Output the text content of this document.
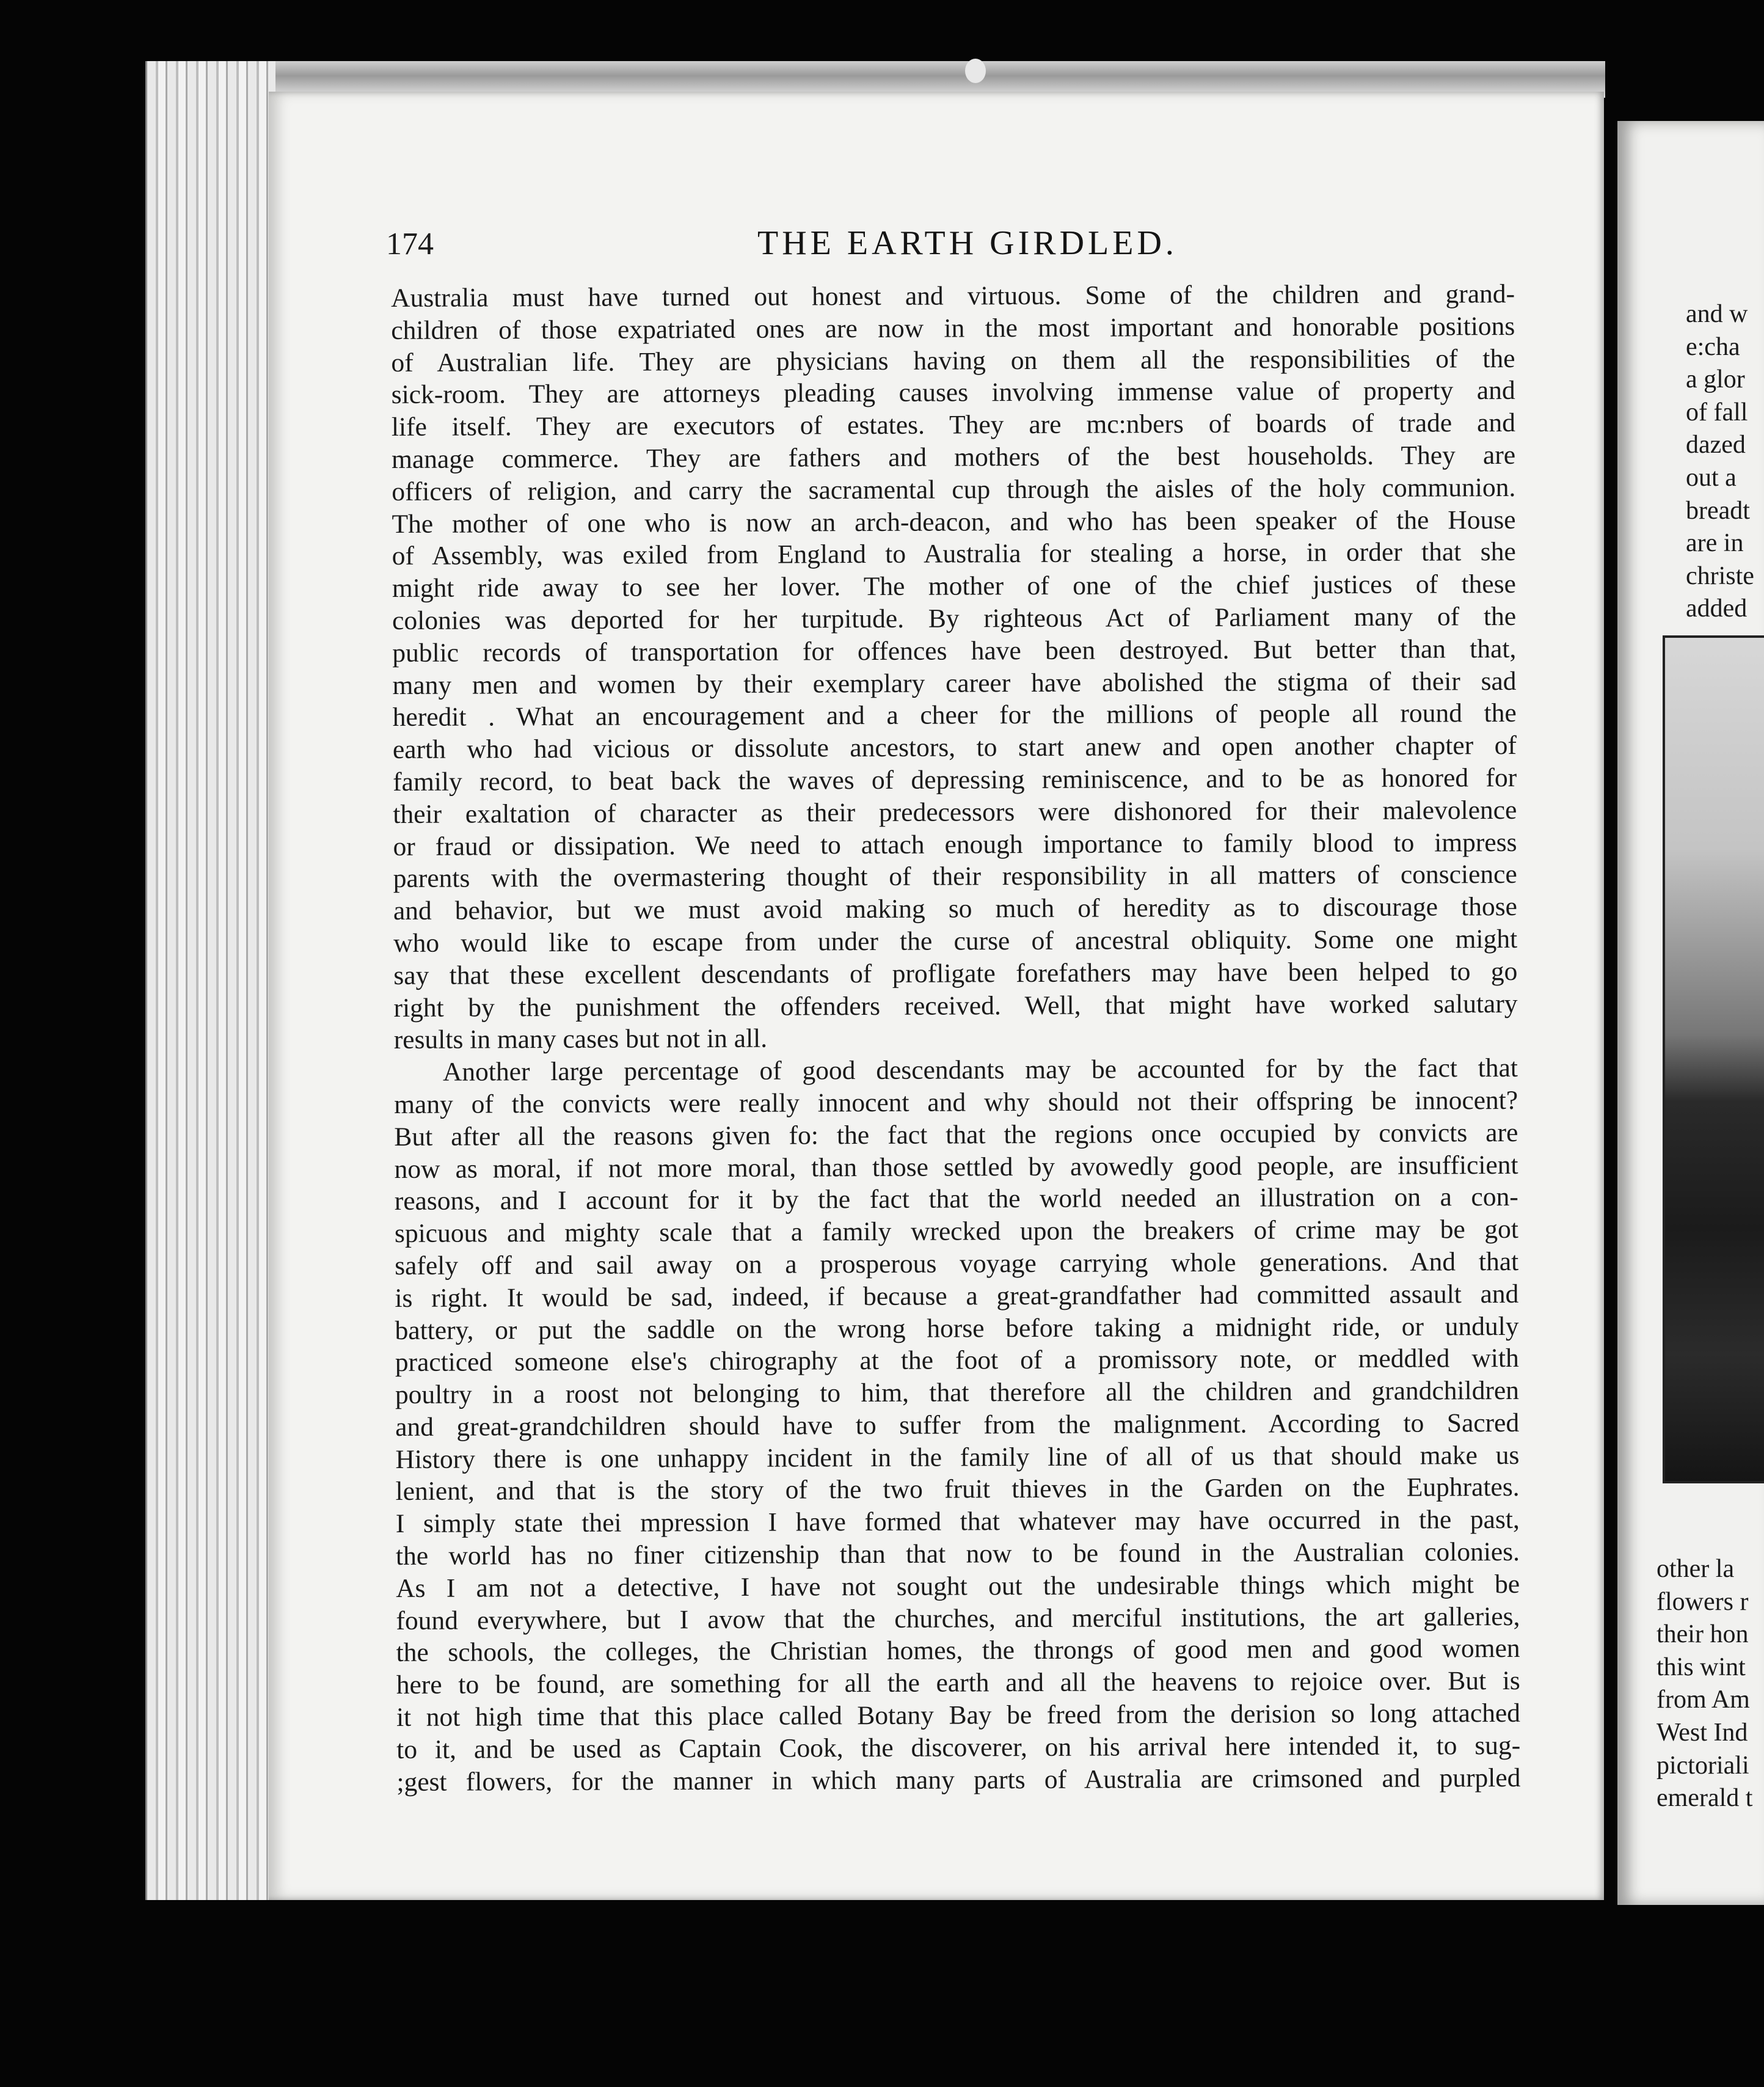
174	THE EARTH GIRDLED.
Australia must have turned out honest and virtuous. Some of the children and grand-
children of those expatriated ones are now in the most important and honorable positions
of Australian life. They are physicians having on them all the responsibilities of the
sick-room. They are attorneys pleading causes involving immense value of property and
life itself. They are executors of estates. They are mc:nbers of boards of trade and
manage commerce. They are fathers and mothers of the best households. They are
officers of religion, and carry the sacramental cup through the aisles of the holy communion.
The mother of one who is now an arch-deacon, and who has been speaker of the House
of Assembly, was exiled from England to Australia for stealing a horse, in order that she
might ride away to see her lover. The mother of one of the chief justices of these
colonies was deported for her turpitude. By righteous Act of Parliament many of the
public records of transportation for offences have been destroyed. But better than that,
many men and women by their exemplary career have abolished the stigma of their sad
heredit . What an encouragement and a cheer for the millions of people all round the
earth who had vicious or dissolute ancestors, to start anew and open another chapter of
family record, to beat back the waves of depressing reminiscence, and to be as honored for
their exaltation of character as their predecessors were dishonored for their malevolence
or fraud or dissipation. We need to attach enough importance to family blood to impress
parents with the overmastering thought of their responsibility in all matters of conscience
and behavior, but we must avoid making so much of heredity as to discourage those
who would like to escape from under the curse of ancestral obliquity. Some one might
say that these excellent descendants of profligate forefathers may have been helped to go
right by the punishment the offenders received. Well, that might have worked salutary
results in many cases but not in all.
Another large percentage of good descendants may be accounted for by the fact that
many of the convicts were really innocent and why should not their offspring be innocent?
But after all the reasons given fo: the fact that the regions once occupied by convicts are
now as moral, if not more moral, than those settled by avowedly good people, are insufficient
reasons, and I account for it by the fact that the world needed an illustration on a con-
spicuous and mighty scale that a family wrecked upon the breakers of crime may be got
safely off and sail away on a prosperous voyage carrying whole generations. And that
is right. It would be sad, indeed, if because a great-grandfather had committed assault and
battery, or put the saddle on the wrong horse before taking a midnight ride, or unduly
practiced someone else's chirography at the foot of a promissory note, or meddled with
poultry in a roost not belonging to him, that therefore all the children and grandchildren
and great-grandchildren should have to suffer from the malignment. According to Sacred
History there is one unhappy incident in the family line of all of us that should make us
lenient, and that is the story of the two fruit thieves in the Garden on the Euphrates.
I simply state thei mpression I have formed that whatever may have occurred in the past,
the world has no finer citizenship than that now to be found in the Australian colonies.
As I am not a detective, I have not sought out the undesirable things which might be
found everywhere, but I avow that the churches, and merciful institutions, the art galleries,
the schools, the colleges, the Christian homes, the throngs of good men and good women
here to be found, are something for all the earth and all the heavens to rejoice over. But is
it not high time that this place called Botany Bay be freed from the derision so long attached
to it, and be used as Captain Cook, the discoverer, on his arrival here intended it, to sug-
;gest flowers, for the manner in which many parts of Australia are crimsoned and purpled
and w
e:cha
a glor
of fall
dazed
out a
breadt
are in
christe
added
other la
flowers r
their hon
this wint
from Am
West Ind
pictoriali
emerald t
